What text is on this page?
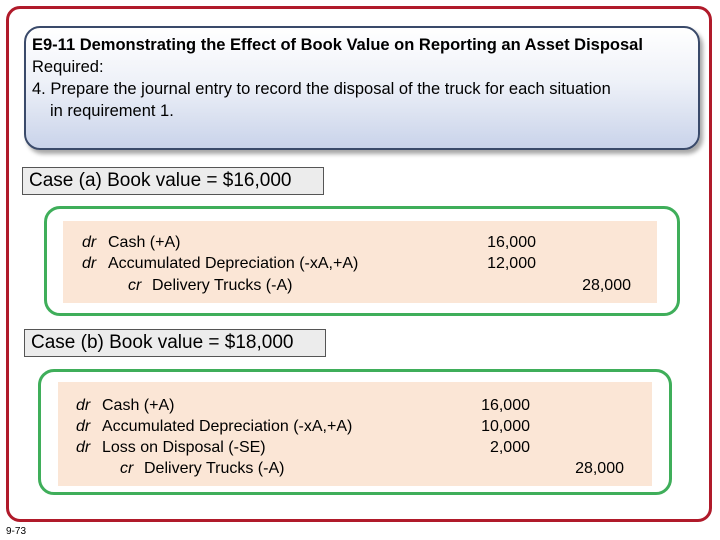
E9-11 Demonstrating the Effect of Book Value on Reporting an Asset Disposal
Required:
4. Prepare the journal entry to record the disposal of the truck for each situation
in requirement 1.
Case (a) Book value = $16,000
dr Cash (+A)
dr Accumulated Depreciation (-xA,+A)
cr Delivery Trucks (-A)
16,000
12,000
28,000
Case (b) Book value = $18,000
dr Cash (+A)
dr Accumulated Depreciation (-xA,+A)
dr Loss on Disposal (-SE)
cr Delivery Trucks (-A)
16,000
10,000
2,000
28,000
9-73
